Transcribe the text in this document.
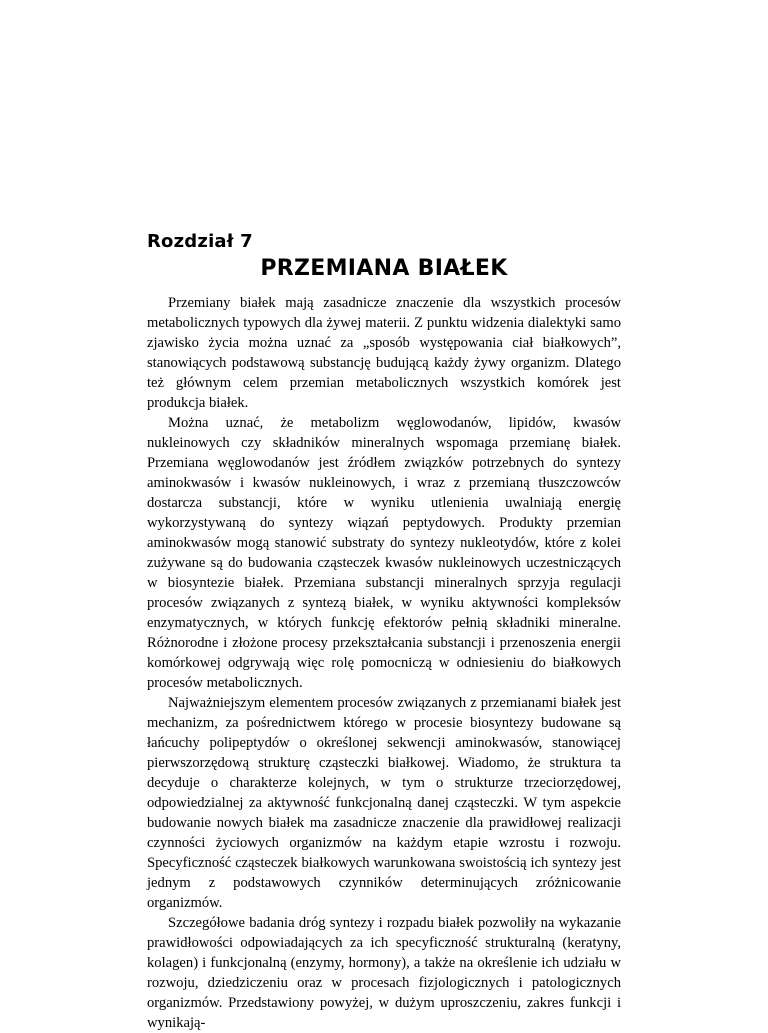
Rozdział 7
PRZEMIANA BIAŁEK

Przemiany białek mają zasadnicze znaczenie dla wszystkich procesów metabolicznych typowych dla żywej materii. Z punktu widzenia dialektyki samo zjawisko życia można uznać za „sposób występowania ciał białkowych”, stanowiących podstawową substancję budującą każdy żywy organizm. Dlatego też głównym celem przemian metabolicznych wszystkich komórek jest produkcja białek.

Można uznać, że metabolizm węglowodanów, lipidów, kwasów nukleinowych czy składników mineralnych wspomaga przemianę białek. Przemiana węglowodanów jest źródłem związków potrzebnych do syntezy aminokwasów i kwasów nukleinowych, i wraz z przemianą tłuszczowców dostarcza substancji, które w wyniku utlenienia uwalniają energię wykorzystywaną do syntezy wiązań peptydowych. Produkty przemian aminokwasów mogą stanowić substraty do syntezy nukleotydów, które z kolei zużywane są do budowania cząsteczek kwasów nukleinowych uczestniczących w biosyntezie białek. Przemiana substancji mineralnych sprzyja regulacji procesów związanych z syntezą białek, w wyniku aktywności kompleksów enzymatycznych, w których funkcję efektorów pełnią składniki mineralne. Różnorodne i złożone procesy przekształcania substancji i przenoszenia energii komórkowej odgrywają więc rolę pomocniczą w odniesieniu do białkowych procesów metabolicznych.

Najważniejszym elementem procesów związanych z przemianami białek jest mechanizm, za pośrednictwem którego w procesie biosyntezy budowane są łańcuchy polipeptydów o określonej sekwencji aminokwasów, stanowiącej pierwszorzędową strukturę cząsteczki białkowej. Wiadomo, że struktura ta decyduje o charakterze kolejnych, w tym o strukturze trzeciorzędowej, odpowiedzialnej za aktywność funkcjonalną danej cząsteczki. W tym aspekcie budowanie nowych białek ma zasadnicze znaczenie dla prawidłowej realizacji czynności życiowych organizmów na każdym etapie wzrostu i rozwoju. Specyficzność cząsteczek białkowych warunkowana swoistością ich syntezy jest jednym z podstawowych czynników determinujących zróżnicowanie organizmów.

Szczegółowe badania dróg syntezy i rozpadu białek pozwoliły na wykazanie prawidłowości odpowiadających za ich specyficzność strukturalną (keratyny, kolagen) i funkcjonalną (enzymy, hormony), a także na określenie ich udziału w rozwoju, dziedziczeniu oraz w procesach fizjologicznych i patologicznych organizmów. Przedstawiony powyżej, w dużym uproszczeniu, zakres funkcji i wynikają-
